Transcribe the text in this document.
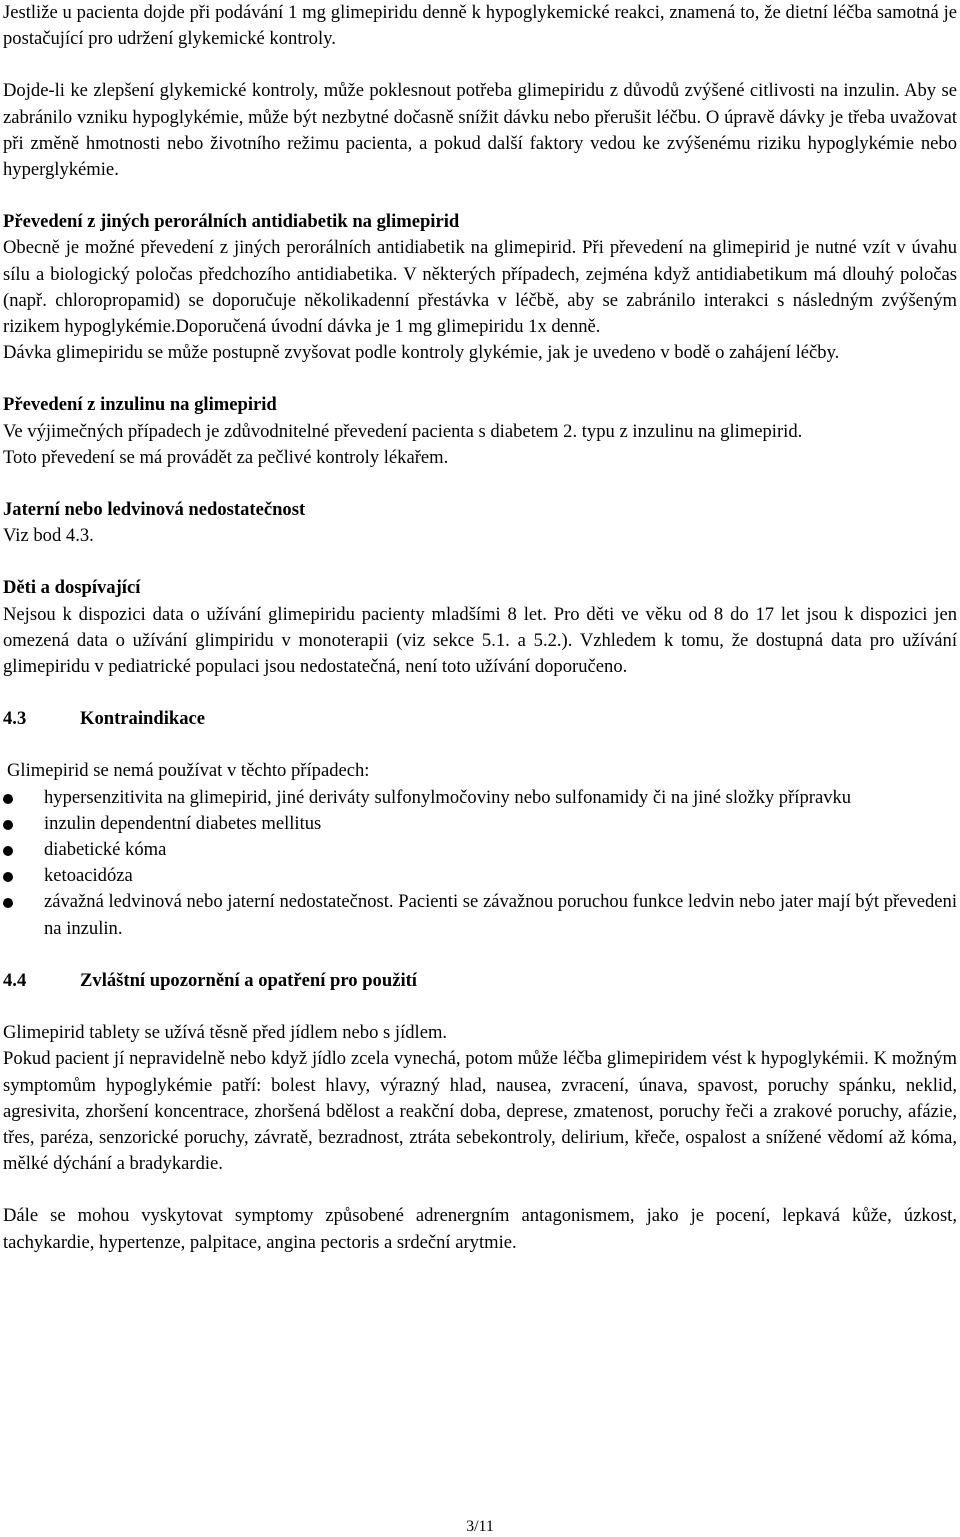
Jestliže u pacienta dojde při podávání 1 mg glimepiridu denně k hypoglykemické reakci, znamená to, že dietní léčba samotná je postačující pro udržení glykemické kontroly.

Dojde-li ke zlepšení glykemické kontroly, může poklesnout potřeba glimepiridu z důvodů zvýšené citlivosti na inzulin. Aby se zabránilo vzniku hypoglykémie, může být nezbytné dočasně snížit dávku nebo přerušit léčbu. O úpravě dávky je třeba uvažovat při změně hmotnosti nebo životního režimu pacienta, a pokud další faktory vedou ke zvýšenému riziku hypoglykémie nebo hyperglykémie.

Převedení z jiných perorálních antidiabetik na glimepirid

Obecně je možné převedení z jiných perorálních antidiabetik na glimepirid. Při převedení na glimepirid je nutné vzít v úvahu sílu a biologický poločas předchozího antidiabetika. V některých případech, zejména když antidiabetikum má dlouhý poločas (např. chloropropamid) se doporučuje několikadenní přestávka v léčbě, aby se zabránilo interakci s následným zvýšeným rizikem hypoglykémie.Doporučená úvodní dávka je 1 mg glimepiridu 1x denně.

Dávka glimepiridu se může postupně zvyšovat podle kontroly glykémie, jak je uvedeno v bodě o zahájení léčby.

Převedení z inzulinu na glimepirid

Ve výjimečných případech je zdůvodnitelné převedení pacienta s diabetem 2. typu z inzulinu na glimepirid.

Toto převedení se má provádět za pečlivé kontroly lékařem.

Jaterní nebo ledvinová nedostatečnost

Viz bod 4.3.

Děti a dospívající

Nejsou k dispozici data o užívání glimepiridu pacienty mladšími 8 let. Pro děti ve věku od 8 do 17 let jsou k dispozici jen omezená data o užívání glimpiridu v monoterapii (viz sekce 5.1. a 5.2.). Vzhledem k tomu, že dostupná data pro užívání glimepiridu v pediatrické populaci jsou nedostatečná, není toto užívání doporučeno.

4.3	Kontraindikace

Glimepirid se nemá používat v těchto případech:

hypersenzitivita na glimepirid, jiné deriváty sulfonylmočoviny nebo sulfonamidy či na jiné složky přípravku
inzulin dependentní diabetes mellitus
diabetické kóma
ketoacidóza
závažná ledvinová nebo jaterní nedostatečnost. Pacienti se závažnou poruchou funkce ledvin nebo jater mají být převedeni na inzulin.

4.4	Zvláštní upozornění a opatření pro použití

Glimepirid tablety se užívá těsně před jídlem nebo s jídlem.

Pokud pacient jí nepravidelně nebo když jídlo zcela vynechá, potom může léčba glimepiridem vést k hypoglykémii. K možným symptomům hypoglykémie patří: bolest hlavy, výrazný hlad, nausea, zvracení, únava, spavost, poruchy spánku, neklid, agresivita, zhoršení koncentrace, zhoršená bdělost a reakční doba, deprese, zmatenost, poruchy řeči a zrakové poruchy, afázie, třes, paréza, senzorické poruchy, závratě, bezradnost, ztráta sebekontroly, delirium, křeče, ospalost a snížené vědomí až kóma, mělké dýchání a bradykardie.

Dále se mohou vyskytovat symptomy způsobené adrenergním antagonismem, jako je pocení, lepkavá kůže, úzkost, tachykardie, hypertenze, palpitace, angina pectoris a srdeční arytmie.

3/11
